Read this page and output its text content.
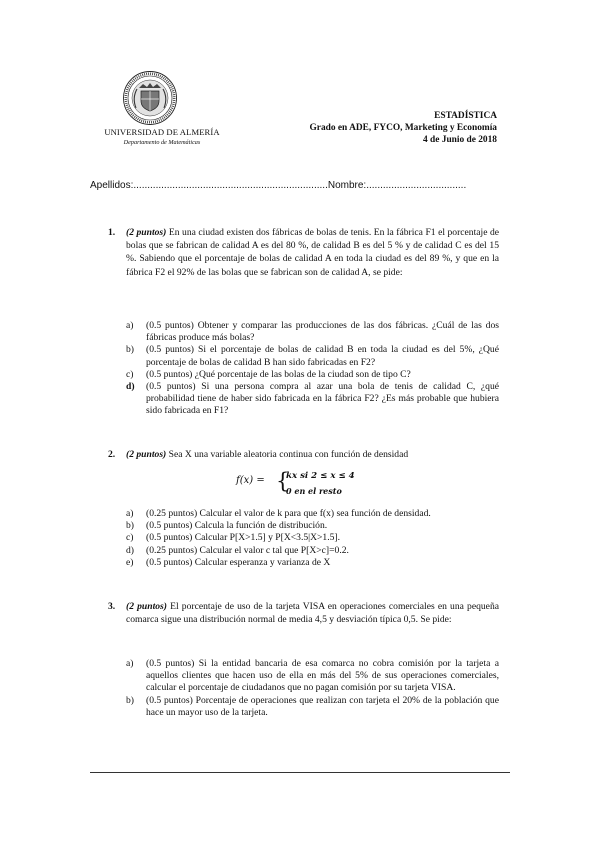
UNIVERSIDAD DE ALMERÍA
Departamento de Matemáticas
ESTADÍSTICA
Grado en ADE, FYCO, Marketing y Economía
4 de Junio de 2018
Apellidos:......................................................................Nombre:....................................
1. (2 puntos) En una ciudad existen dos fábricas de bolas de tenis. En la fábrica F1 el porcentaje de bolas que se fabrican de calidad A es del 80 %, de calidad B es del 5 % y de calidad C es del 15 %. Sabiendo que el porcentaje de bolas de calidad A en toda la ciudad es del 89 %, y que en la fábrica F2 el 92% de las bolas que se fabrican son de calidad A, se pide:
a) (0.5 puntos) Obtener y comparar las producciones de las dos fábricas. ¿Cuál de las dos fábricas produce más bolas?
b) (0.5 puntos) Si el porcentaje de bolas de calidad B en toda la ciudad es del 5%, ¿Qué porcentaje de bolas de calidad B han sido fabricadas en F2?
c) (0.5 puntos) ¿Qué porcentaje de las bolas de la ciudad son de tipo C?
d) (0.5 puntos) Si una persona compra al azar una bola de tenis de calidad C, ¿qué probabilidad tiene de haber sido fabricada en la fábrica F2? ¿Es más probable que hubiera sido fabricada en F1?
2. (2 puntos) Sea X una variable aleatoria continua con función de densidad
f(x) = {
kx si 2 ≤ x ≤ 4
0 en el resto
a) (0.25 puntos) Calcular el valor de k para que f(x) sea función de densidad.
b) (0.5 puntos) Calcula la función de distribución.
c) (0.5 puntos) Calcular P[X>1.5] y P[X<3.5|X>1.5].
d) (0.25 puntos) Calcular el valor c tal que P[X>c]=0.2.
e) (0.5 puntos) Calcular esperanza y varianza de X
3. (2 puntos) El porcentaje de uso de la tarjeta VISA en operaciones comerciales en una pequeña comarca sigue una distribución normal de media 4,5 y desviación típica 0,5. Se pide:
a) (0.5 puntos) Si la entidad bancaria de esa comarca no cobra comisión por la tarjeta a aquellos clientes que hacen uso de ella en más del 5% de sus operaciones comerciales, calcular el porcentaje de ciudadanos que no pagan comisión por su tarjeta VISA.
b) (0.5 puntos) Porcentaje de operaciones que realizan con tarjeta el 20% de la población que hace un mayor uso de la tarjeta.
